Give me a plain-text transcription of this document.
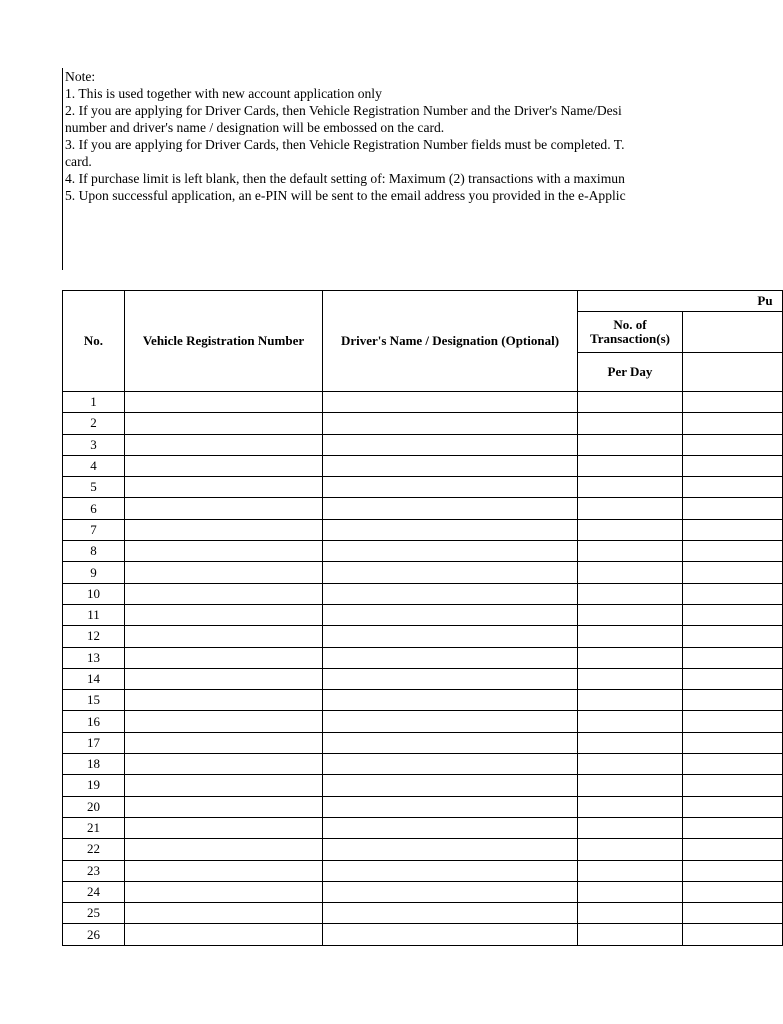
Note:
1. This is used together with new account application only
2. If you are applying for Driver Cards, then Vehicle Registration Number and the Driver's Name/Desi
number and driver's name / designation will be embossed on the card.
3. If you are applying for Driver Cards, then Vehicle Registration Number fields must be completed. T.
card.
4. If purchase limit is left blank, then the default setting of: Maximum (2) transactions with a maximun
5. Upon successful application, an e-PIN will be sent to the email address you provided in the e-Applic
No.	Vehicle Registration Number	Driver's Name / Designation (Optional)	Pu	
			No. of Transaction(s)	
			Per Day	
1				
2				
3				
4				
5				
6				
7				
8				
9				
10				
11				
12				
13				
14				
15				
16				
17				
18				
19				
20				
21				
22				
23				
24				
25				
26				
